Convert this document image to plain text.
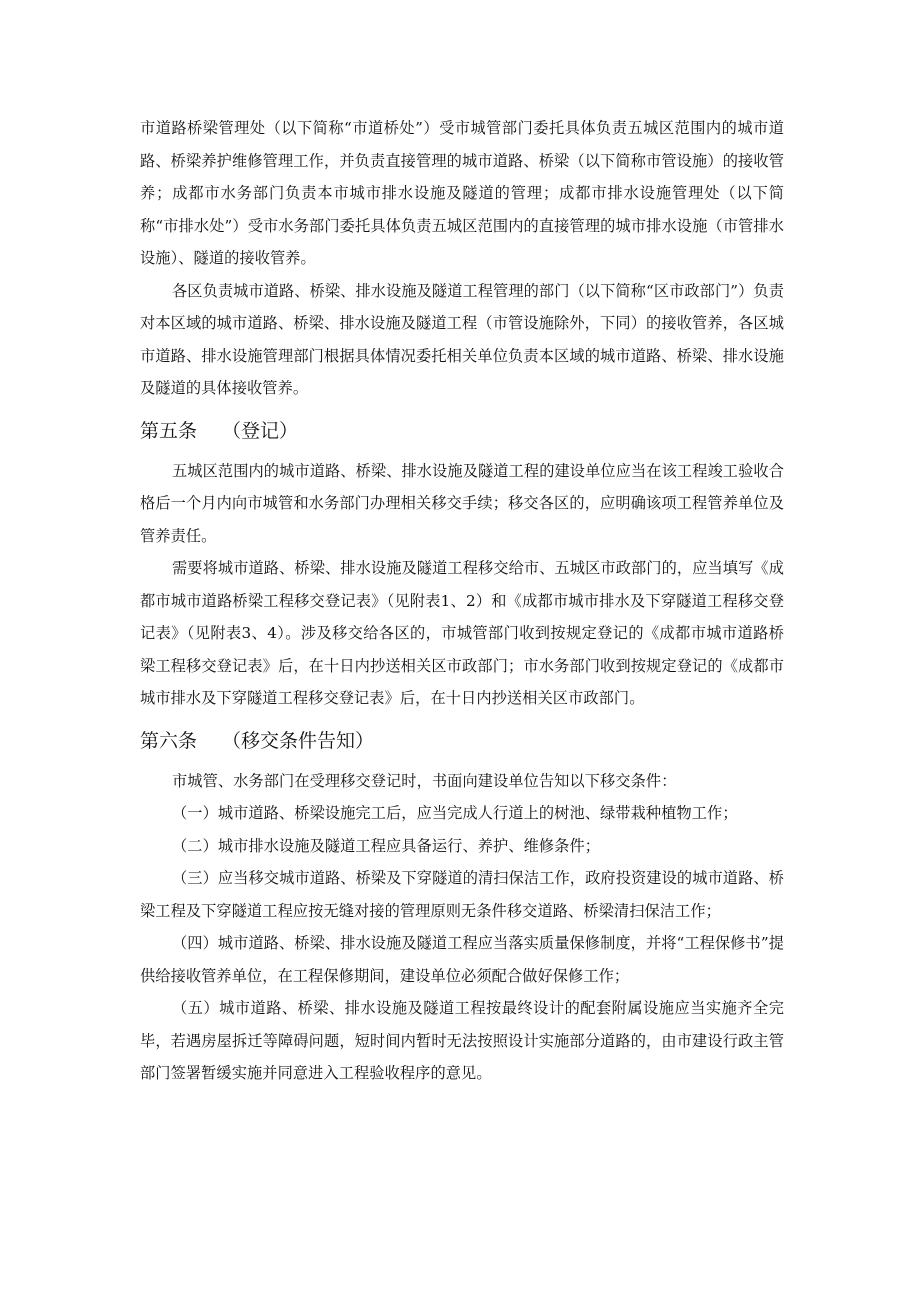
市道路桥梁管理处（以下简称“市道桥处”）受市城管部门委托具体负责五城区范围内的城市道路、桥梁养护维修管理工作，并负责直接管理的城市道路、桥梁（以下简称市管设施）的接收管养；成都市水务部门负责本市城市排水设施及隧道的管理；成都市排水设施管理处（以下简称“市排水处”）受市水务部门委托具体负责五城区范围内的直接管理的城市排水设施（市管排水设施）、隧道的接收管养。

各区负责城市道路、桥梁、排水设施及隧道工程管理的部门（以下简称“区市政部门”）负责对本区域的城市道路、桥梁、排水设施及隧道工程（市管设施除外，下同）的接收管养，各区城市道路、排水设施管理部门根据具体情况委托相关单位负责本区域的城市道路、桥梁、排水设施及隧道的具体接收管养。

第五条　 （登记）

五城区范围内的城市道路、桥梁、排水设施及隧道工程的建设单位应当在该工程竣工验收合格后一个月内向市城管和水务部门办理相关移交手续；移交各区的，应明确该项工程管养单位及管养责任。

需要将城市道路、桥梁、排水设施及隧道工程移交给市、五城区市政部门的，应当填写《成都市城市道路桥梁工程移交登记表》（见附表1、2）和《成都市城市排水及下穿隧道工程移交登记表》（见附表3、4）。涉及移交给各区的，市城管部门收到按规定登记的《成都市城市道路桥梁工程移交登记表》后，在十日内抄送相关区市政部门；市水务部门收到按规定登记的《成都市城市排水及下穿隧道工程移交登记表》后，在十日内抄送相关区市政部门。

第六条　 （移交条件告知）

市城管、水务部门在受理移交登记时，书面向建设单位告知以下移交条件：

（一）城市道路、桥梁设施完工后，应当完成人行道上的树池、绿带栽种植物工作；

（二）城市排水设施及隧道工程应具备运行、养护、维修条件；

（三）应当移交城市道路、桥梁及下穿隧道的清扫保洁工作，政府投资建设的城市道路、桥梁工程及下穿隧道工程应按无缝对接的管理原则无条件移交道路、桥梁清扫保洁工作；

（四）城市道路、桥梁、排水设施及隧道工程应当落实质量保修制度，并将“工程保修书”提供给接收管养单位，在工程保修期间，建设单位必须配合做好保修工作；

（五）城市道路、桥梁、排水设施及隧道工程按最终设计的配套附属设施应当实施齐全完毕，若遇房屋拆迁等障碍问题，短时间内暂时无法按照设计实施部分道路的，由市建设行政主管部门签署暂缓实施并同意进入工程验收程序的意见。
